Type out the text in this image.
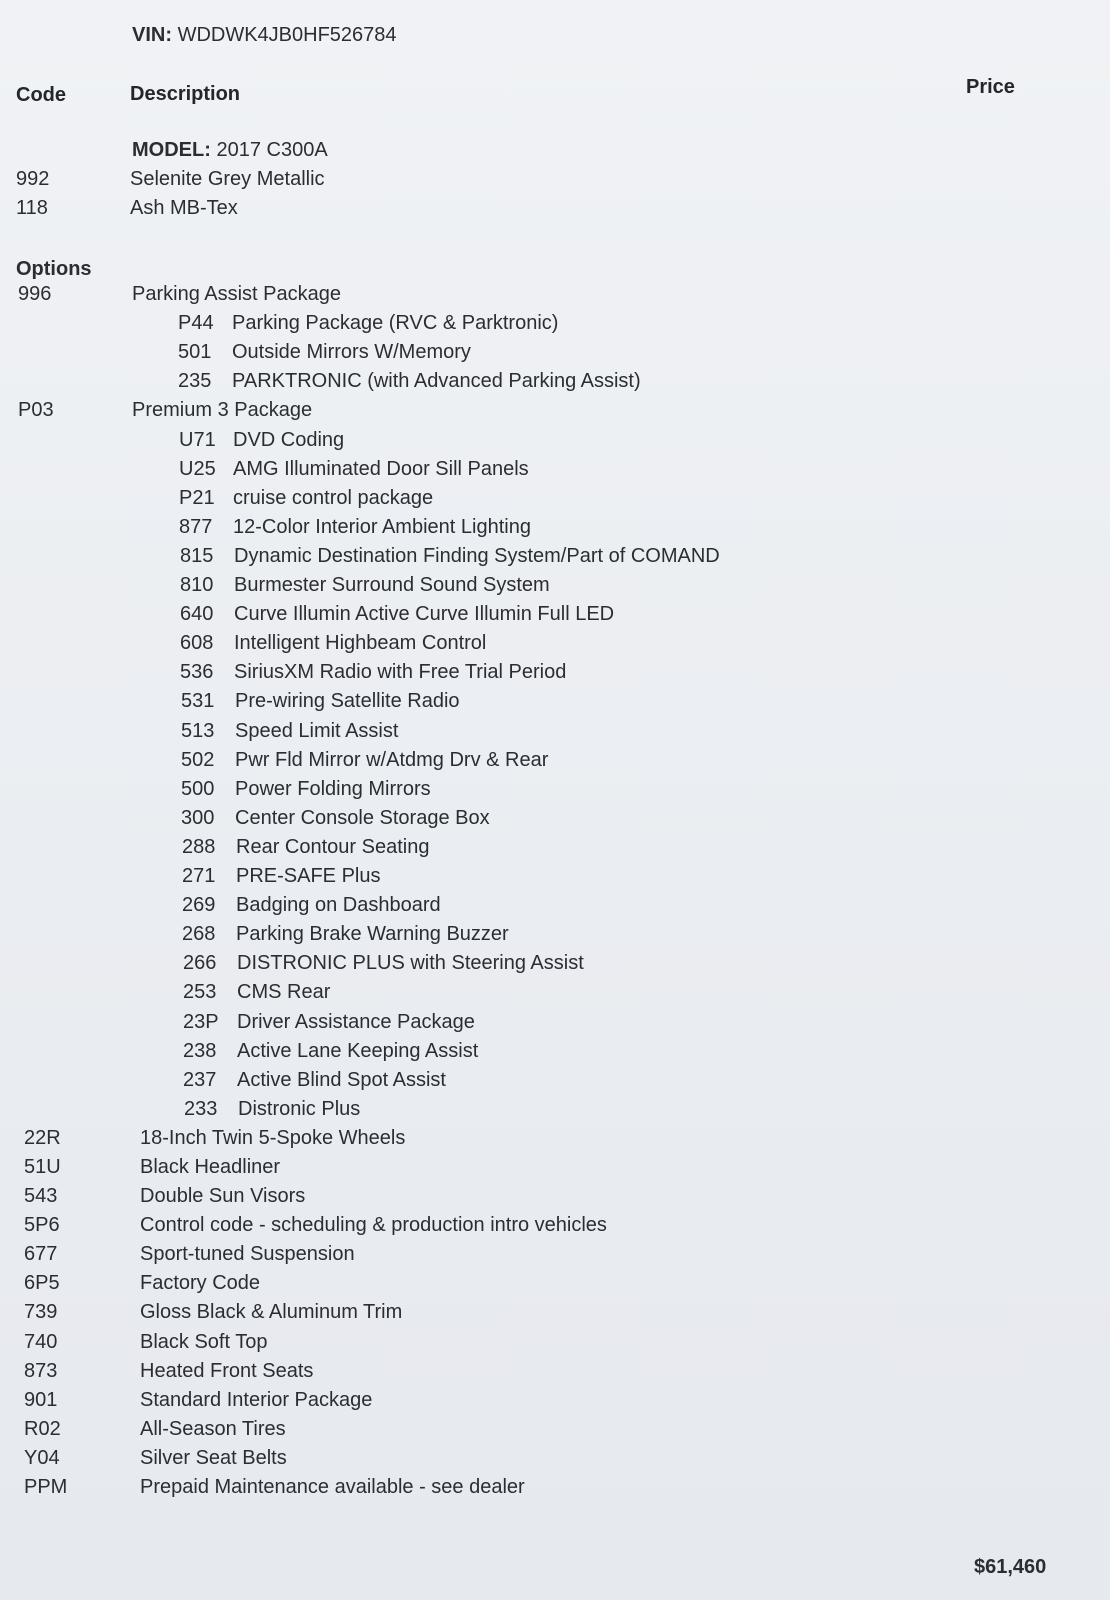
VIN: WDDWK4JB0HF526784
Code	Description	Price
MODEL: 2017 C300A
992	Selenite Grey Metallic
118	Ash MB-Tex
Options
996	Parking Assist Package
P44 Parking Package (RVC & Parktronic)
501 Outside Mirrors W/Memory
235 PARKTRONIC (with Advanced Parking Assist)
P03	Premium 3 Package
U71 DVD Coding
U25 AMG Illuminated Door Sill Panels
P21 cruise control package
877 12-Color Interior Ambient Lighting
815 Dynamic Destination Finding System/Part of COMAND
810 Burmester Surround Sound System
640 Curve Illumin Active Curve Illumin Full LED
608 Intelligent Highbeam Control
536 SiriusXM Radio with Free Trial Period
531 Pre-wiring Satellite Radio
513 Speed Limit Assist
502 Pwr Fld Mirror w/Atdmg Drv & Rear
500 Power Folding Mirrors
300 Center Console Storage Box
288 Rear Contour Seating
271 PRE-SAFE Plus
269 Badging on Dashboard
268 Parking Brake Warning Buzzer
266 DISTRONIC PLUS with Steering Assist
253 CMS Rear
23P Driver Assistance Package
238 Active Lane Keeping Assist
237 Active Blind Spot Assist
233 Distronic Plus
22R	18-Inch Twin 5-Spoke Wheels
51U	Black Headliner
543	Double Sun Visors
5P6	Control code - scheduling & production intro vehicles
677	Sport-tuned Suspension
6P5	Factory Code
739	Gloss Black & Aluminum Trim
740	Black Soft Top
873	Heated Front Seats
901	Standard Interior Package
R02	All-Season Tires
Y04	Silver Seat Belts
PPM	Prepaid Maintenance available - see dealer
$61,460
